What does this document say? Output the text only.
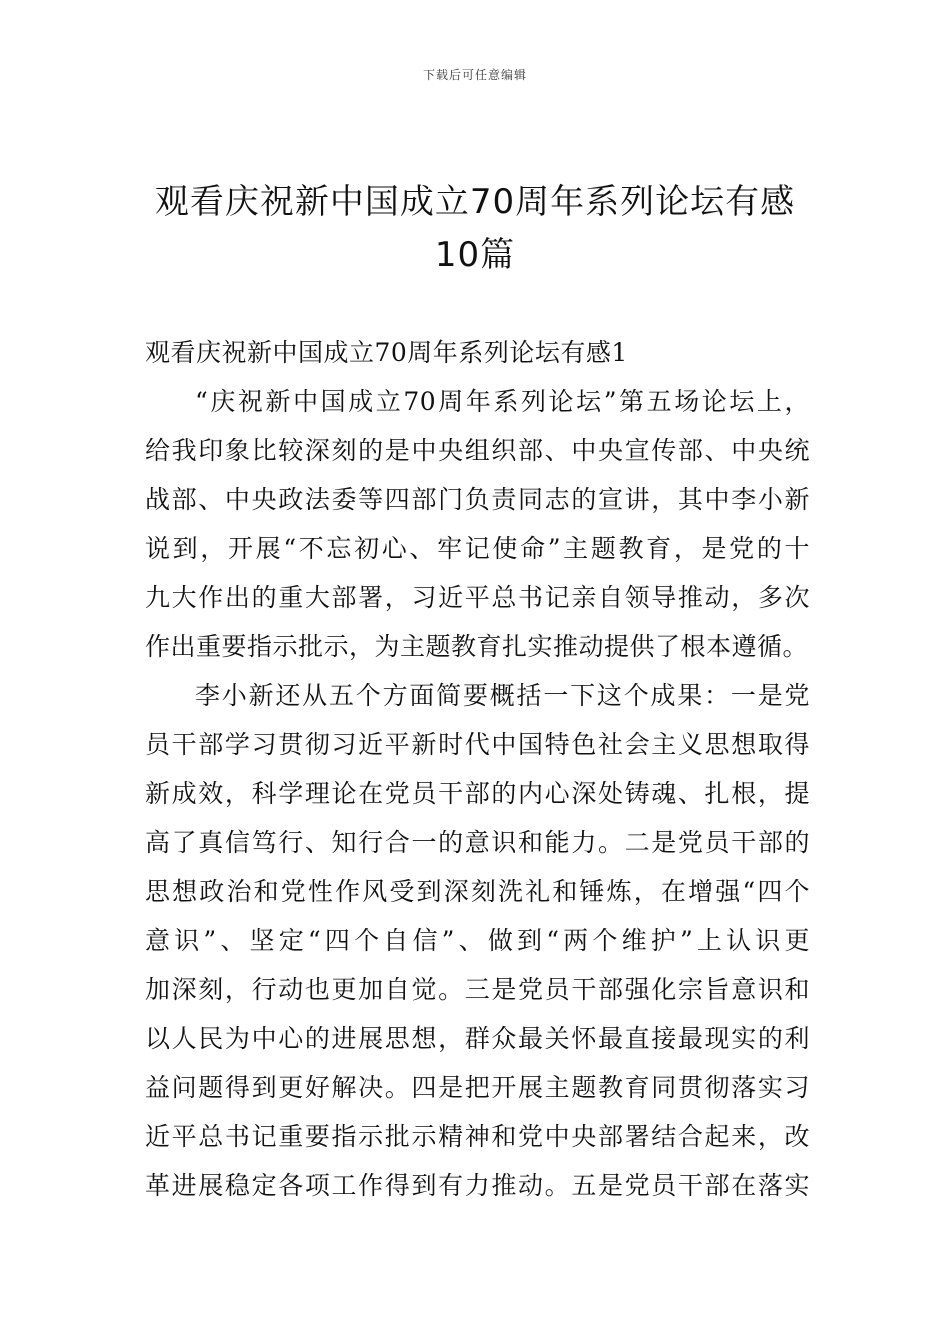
下载后可任意编辑
观看庆祝新中国成立70周年系列论坛有感
10篇
观看庆祝新中国成立70周年系列论坛有感1

“庆祝新中国成立70周年系列论坛”第五场论坛上，
给我印象比较深刻的是中央组织部、中央宣传部、中央统
战部、中央政法委等四部门负责同志的宣讲，其中李小新
说到，开展“不忘初心、牢记使命”主题教育，是党的十
九大作出的重大部署，习近平总书记亲自领导推动，多次
作出重要指示批示，为主题教育扎实推动提供了根本遵循。

李小新还从五个方面简要概括一下这个成果：一是党
员干部学习贯彻习近平新时代中国特色社会主义思想取得
新成效，科学理论在党员干部的内心深处铸魂、扎根，提
高了真信笃行、知行合一的意识和能力。二是党员干部的
思想政治和党性作风受到深刻洗礼和锤炼，在增强“四个
意识”、坚定“四个自信”、做到“两个维护”上认识更
加深刻，行动也更加自觉。三是党员干部强化宗旨意识和
以人民为中心的进展思想，群众最关怀最直接最现实的利
益问题得到更好解决。四是把开展主题教育同贯彻落实习
近平总书记重要指示批示精神和党中央部署结合起来，改
革进展稳定各项工作得到有力推动。五是党员干部在落实
